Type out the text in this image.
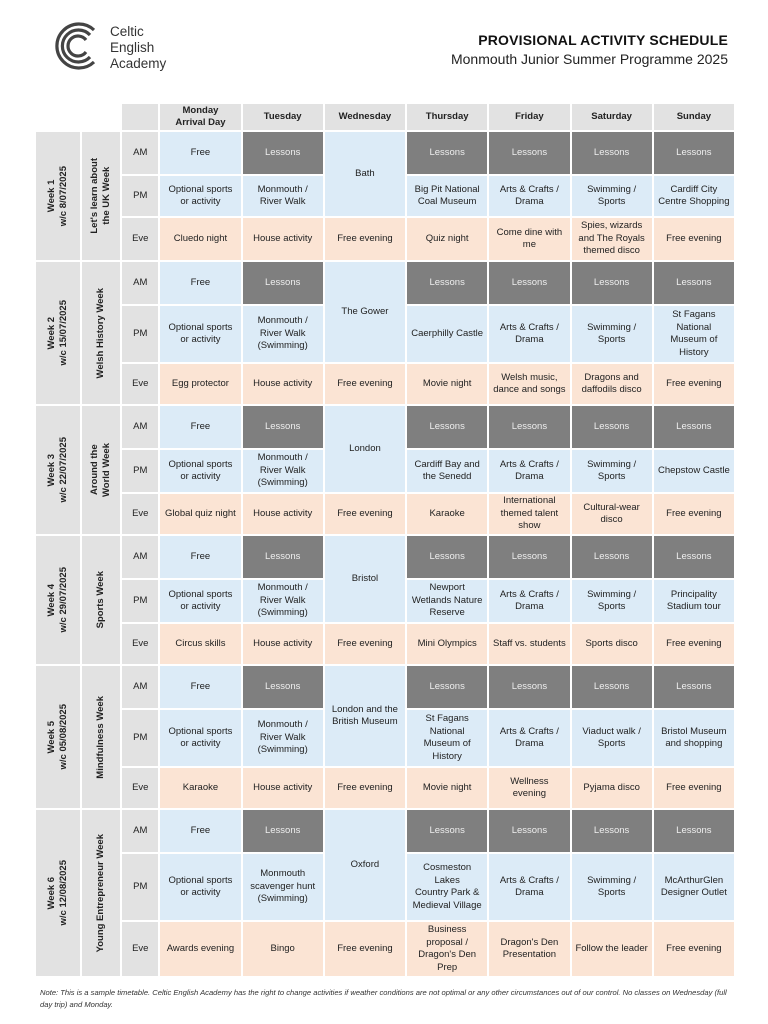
Celtic
English
Academy
PROVISIONAL ACTIVITY SCHEDULE
Monmouth Junior Summer Programme 2025
			Monday
Arrival Day	Tuesday	Wednesday	Thursday	Friday	Saturday	Sunday

Week 1
w/c 8/07/2025	Let's learn about
the UK Week	AM	Free	Lessons	Bath	Lessons	Lessons	Lessons	Lessons
		PM	Optional sports
or activity	Monmouth /
River Walk		Big Pit National
Coal Museum	Arts & Crafts /
Drama	Swimming /
Sports	Cardiff City
Centre Shopping
		Eve	Cluedo night	House activity	Free evening	Quiz night	Come dine with
me	Spies, wizards
and The Royals
themed disco	Free evening

Week 2
w/c 15/07/2025	Welsh History Week	AM	Free	Lessons	The Gower	Lessons	Lessons	Lessons	Lessons
		PM	Optional sports
or activity	Monmouth /
River Walk
(Swimming)		Caerphilly Castle	Arts & Crafts /
Drama	Swimming /
Sports	St Fagans
National
Museum of
History
		Eve	Egg protector	House activity	Free evening	Movie night	Welsh music,
dance and songs	Dragons and
daffodils disco	Free evening

Week 3
w/c 22/07/2025	Around the
World Week	AM	Free	Lessons	London	Lessons	Lessons	Lessons	Lessons
		PM	Optional sports
or activity	Monmouth /
River Walk
(Swimming)		Cardiff Bay and
the Senedd	Arts & Crafts /
Drama	Swimming /
Sports	Chepstow Castle
		Eve	Global quiz night	House activity	Free evening	Karaoke	International
themed talent
show	Cultural-wear
disco	Free evening

Week 4
w/c 29/07/2025	Sports Week	AM	Free	Lessons	Bristol	Lessons	Lessons	Lessons	Lessons
		PM	Optional sports
or activity	Monmouth /
River Walk
(Swimming)		Newport
Wetlands Nature
Reserve	Arts & Crafts /
Drama	Swimming /
Sports	Principality
Stadium tour
		Eve	Circus skills	House activity	Free evening	Mini Olympics	Staff vs. students	Sports disco	Free evening

Week 5
w/c 05/08/2025	Mindfulness Week	AM	Free	Lessons	London and the
British Museum	Lessons	Lessons	Lessons	Lessons
		PM	Optional sports
or activity	Monmouth /
River Walk
(Swimming)		St Fagans
National
Museum of
History	Arts & Crafts /
Drama	Viaduct walk /
Sports	Bristol Museum
and shopping
		Eve	Karaoke	House activity	Free evening	Movie night	Wellness evening	Pyjama disco	Free evening

Week 6
w/c 12/08/2025	Young Entrepreneur Week	AM	Free	Lessons	Oxford	Lessons	Lessons	Lessons	Lessons
		PM	Optional sports
or activity	Monmouth
scavenger hunt
(Swimming)		Cosmeston Lakes
Country Park &
Medieval Village	Arts & Crafts /
Drama	Swimming /
Sports	McArthurGlen
Designer Outlet
		Eve	Awards evening	Bingo	Free evening	Business
proposal /
Dragon's Den
Prep	Dragon's Den
Presentation	Follow the leader	Free evening
Note: This is a sample timetable. Celtic English Academy has the right to change activities if weather conditions are not optimal or any other circumstances out of our control. No classes on Wednesday (full day trip) and Monday.
